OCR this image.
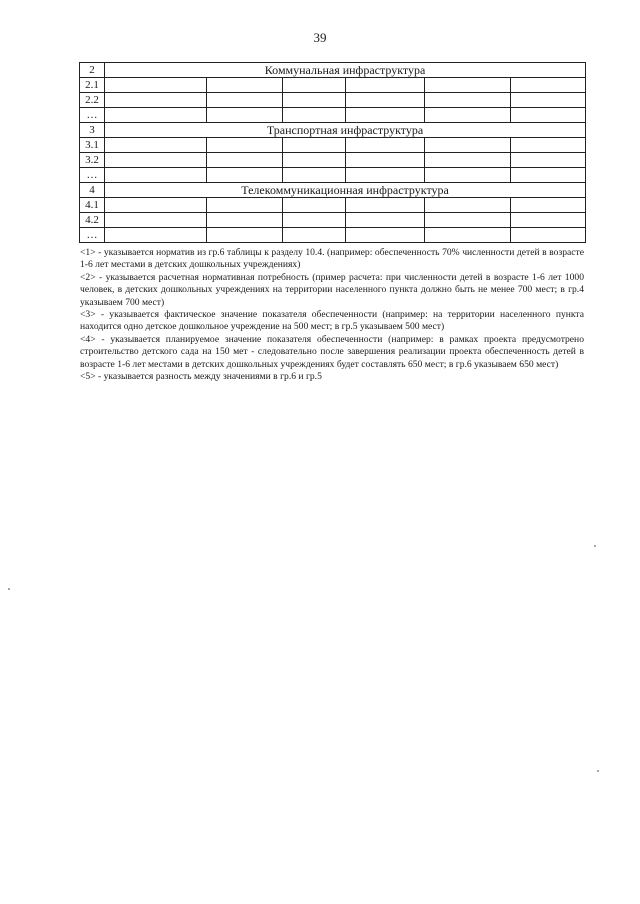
39
2	Коммунальная инфраструктура					
2.1						
2.2						
…						
3	Транспортная инфраструктура					
3.1						
3.2						
…						
4	Телекоммуникационная инфраструктура					
4.1						
4.2						
…						

<1> - указывается норматив из гр.6 таблицы к разделу 10.4. (например: обеспеченность 70% численности детей в возрасте 1-6 лет местами в детских дошкольных учреждениях)

<2> - указывается расчетная нормативная потребность (пример расчета: при численности детей в возрасте 1-6 лет 1000 человек, в детских дошкольных учреждениях на территории населенного пункта должно быть не менее 700 мест; в гр.4 указываем 700 мест)

<3> - указывается фактическое значение показателя обеспеченности (например: на территории населенного пункта находится одно детское дошкольное учреждение на 500 мест; в гр.5 указываем 500 мест)

<4> - указывается планируемое значение показателя обеспеченности (например: в рамках проекта предусмотрено строительство детского сада на 150 мет - следовательно после завершения реализации проекта обеспеченность детей в возрасте 1-6 лет местами в детских дошкольных учреждениях будет составлять 650 мест; в гр.6 указываем 650 мест)

<5> - указывается разность между значениями в гр.6 и гр.5
